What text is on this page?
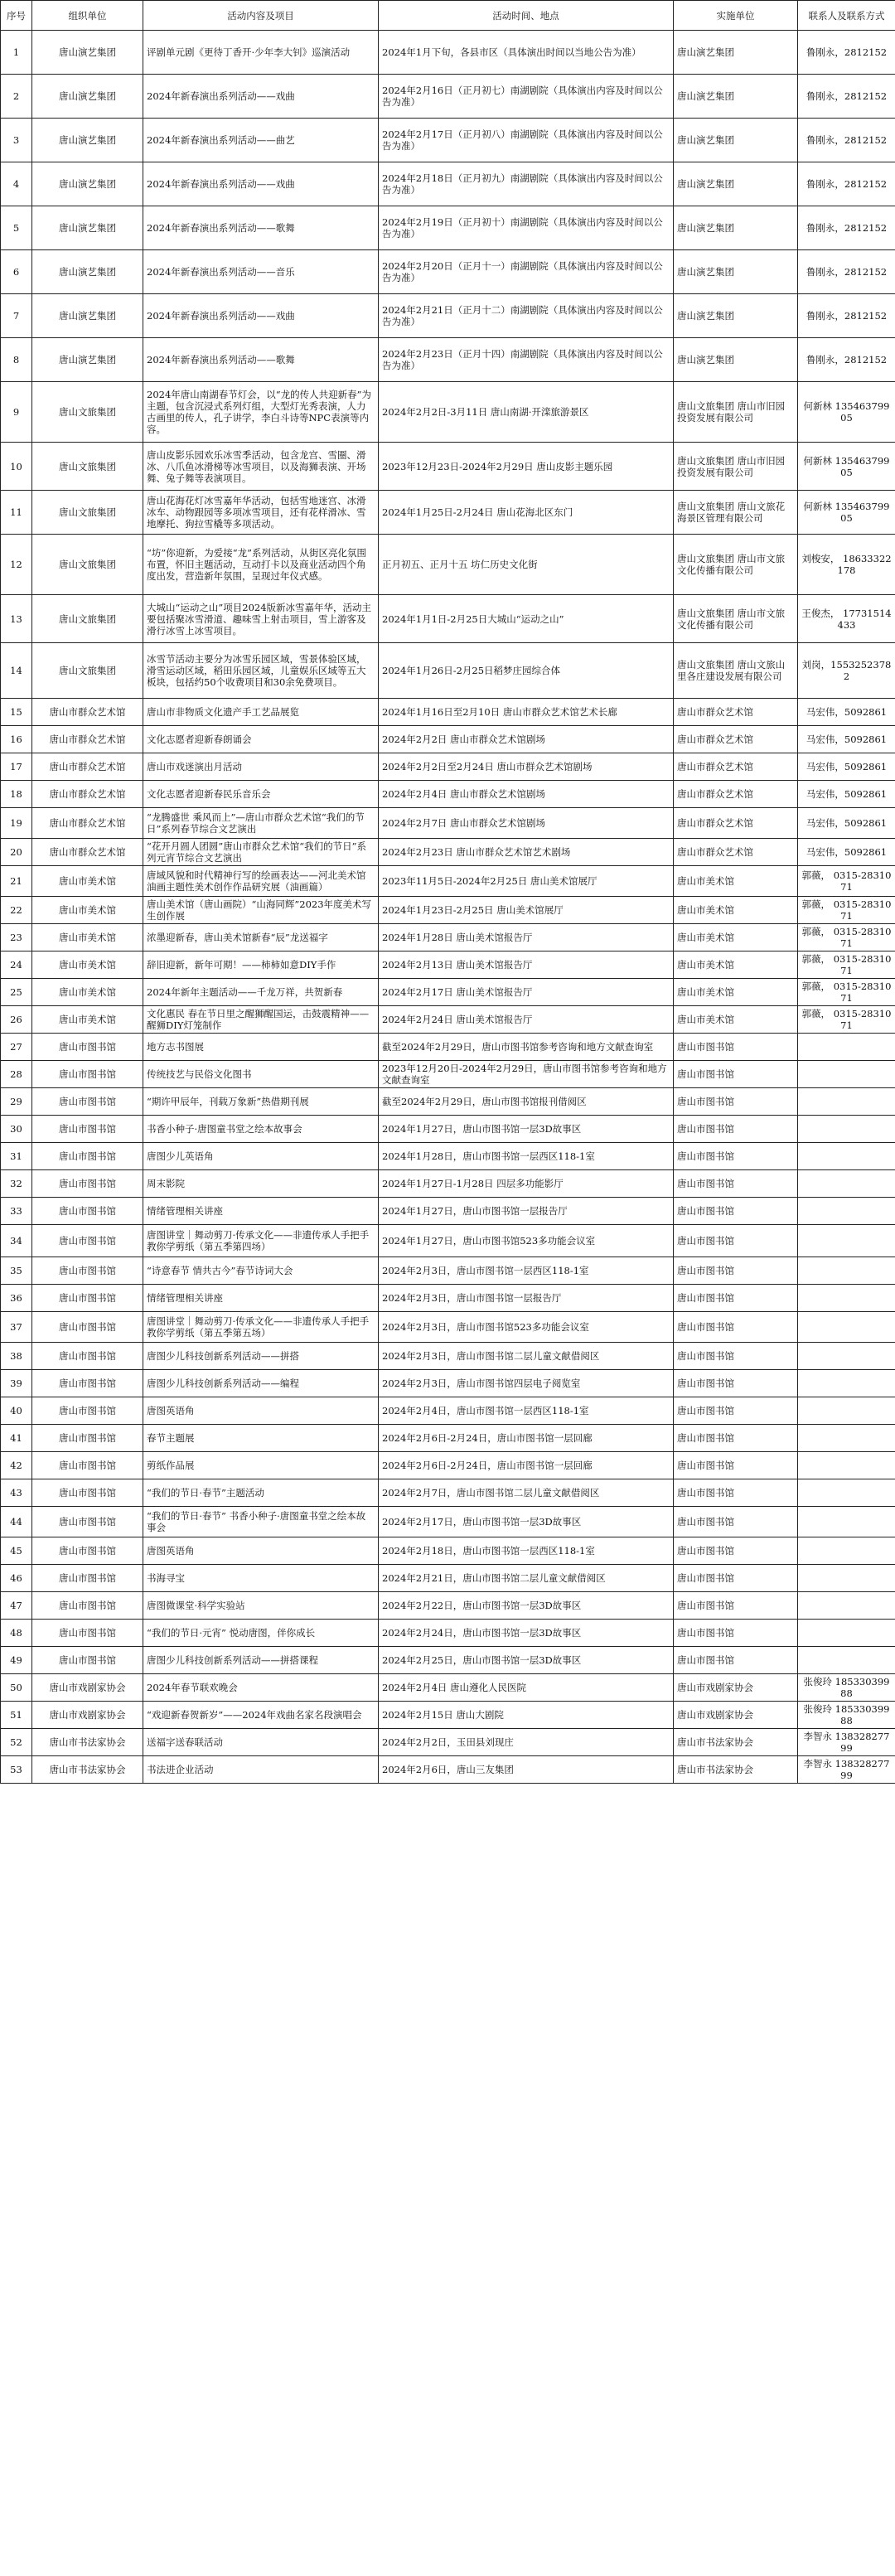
序号	组织单位	活动内容及项目	活动时间、地点	实施单位	联系人及联系方式
1	唐山演艺集团	评剧单元剧《更待丁香开·少年李大钊》巡演活动	2024年1月下旬，各县市区（具体演出时间以当地公告为准）	唐山演艺集团	鲁刚永，2812152
2	唐山演艺集团	2024年新春演出系列活动——戏曲	2024年2月16日（正月初七）南湖剧院（具体演出内容及时间以公告为准）	唐山演艺集团	鲁刚永，2812152
3	唐山演艺集团	2024年新春演出系列活动——曲艺	2024年2月17日（正月初八）南湖剧院（具体演出内容及时间以公告为准）	唐山演艺集团	鲁刚永，2812152
4	唐山演艺集团	2024年新春演出系列活动——戏曲	2024年2月18日（正月初九）南湖剧院（具体演出内容及时间以公告为准）	唐山演艺集团	鲁刚永，2812152
5	唐山演艺集团	2024年新春演出系列活动——歌舞	2024年2月19日（正月初十）南湖剧院（具体演出内容及时间以公告为准）	唐山演艺集团	鲁刚永，2812152
6	唐山演艺集团	2024年新春演出系列活动——音乐	2024年2月20日（正月十一）南湖剧院（具体演出内容及时间以公告为准）	唐山演艺集团	鲁刚永，2812152
7	唐山演艺集团	2024年新春演出系列活动——戏曲	2024年2月21日（正月十二）南湖剧院（具体演出内容及时间以公告为准）	唐山演艺集团	鲁刚永，2812152
8	唐山演艺集团	2024年新春演出系列活动——歌舞	2024年2月23日（正月十四）南湖剧院（具体演出内容及时间以公告为准）	唐山演艺集团	鲁刚永，2812152
9	唐山文旅集团	2024年唐山南湖春节灯会，以“龙的传人共迎新春”为主题，包含沉浸式系列灯组，大型灯光秀表演，人力古画里的传人，孔子讲学，李白斗诗等NPC表演等内容。	2024年2月2日-3月11日 唐山南湖·开滦旅游景区	唐山文旅集团 唐山市旧园投资发展有限公司	何新林 13546379905
10	唐山文旅集团	唐山皮影乐园欢乐冰雪季活动，包含龙宫、雪圈、滑冰、八爪鱼冰滑梯等冰雪项目，以及海狮表演、开场舞、兔子舞等表演项目。	2023年12月23日-2024年2月29日 唐山皮影主题乐园	唐山文旅集团 唐山市旧园投资发展有限公司	何新林 13546379905
11	唐山文旅集团	唐山花海花灯冰雪嘉年华活动，包括雪地迷宫、冰滑冰车、动物跟园等多项冰雪项目，还有花样滑冰、雪地摩托、狗拉雪橇等多项活动。	2024年1月25日-2月24日 唐山花海北区东门	唐山文旅集团 唐山文旅花海景区管理有限公司	何新林 13546379905
12	唐山文旅集团	“坊”你迎新，为爱接“龙”系列活动，从街区亮化氛围布置，怀旧主题活动，互动打卡以及商业活动四个角度出发，营造新年氛围，呈现过年仪式感。	正月初五、正月十五 坊仁历史文化街	唐山文旅集团 唐山市文旅文化传播有限公司	刘梭安， 18633322178
13	唐山文旅集团	大城山“运动之山”项目2024版新冰雪嘉年华，活动主要包括聚冰雪滑道、趣味雪上射击项目，雪上游客及滑行冰雪上冰雪项目。	2024年1月1日-2月25日大城山“运动之山”	唐山文旅集团 唐山市文旅文化传播有限公司	王俊杰， 17731514433
14	唐山文旅集团	冰雪节活动主要分为冰雪乐园区域，雪景体验区域，滑雪运动区域，稻田乐园区域，儿童娱乐区域等五大板块，包括约50个收费项目和30余免费项目。	2024年1月26日-2月25日稻梦庄园综合体	唐山文旅集团 唐山文旅山里各庄建设发展有限公司	刘岗，15532523782
15	唐山市群众艺术馆	唐山市非物质文化遗产手工艺品展览	2024年1月16日至2月10日 唐山市群众艺术馆艺术长廊	唐山市群众艺术馆	马宏伟，5092861
16	唐山市群众艺术馆	文化志愿者迎新春朗诵会	2024年2月2日 唐山市群众艺术馆剧场	唐山市群众艺术馆	马宏伟，5092861
17	唐山市群众艺术馆	唐山市戏迷演出月活动	2024年2月2日至2月24日 唐山市群众艺术馆剧场	唐山市群众艺术馆	马宏伟，5092861
18	唐山市群众艺术馆	文化志愿者迎新春民乐音乐会	2024年2月4日 唐山市群众艺术馆剧场	唐山市群众艺术馆	马宏伟，5092861
19	唐山市群众艺术馆	“龙腾盛世 乘风而上”—唐山市群众艺术馆“我们的节日”系列春节综合文艺演出	2024年2月7日 唐山市群众艺术馆剧场	唐山市群众艺术馆	马宏伟，5092861
20	唐山市群众艺术馆	“花开月圆人团圆”唐山市群众艺术馆“我们的节日”系列元宵节综合文艺演出	2024年2月23日 唐山市群众艺术馆艺术剧场	唐山市群众艺术馆	马宏伟，5092861
21	唐山市美术馆	唐域风貌和时代精神行写的绘画表达——河北美术馆油画主题性美术创作作品研究展（油画篇）	2023年11月5日-2024年2月25日 唐山美术馆展厅	唐山市美术馆	郭薇， 0315-2831071
22	唐山市美术馆	唐山美术馆（唐山画院）“山海同辉”2023年度美术写生创作展	2024年1月23日-2月25日 唐山美术馆展厅	唐山市美术馆	郭薇， 0315-2831071
23	唐山市美术馆	浓墨迎新春，唐山美术馆新春“辰”龙送福字	2024年1月28日 唐山美术馆报告厅	唐山市美术馆	郭薇， 0315-2831071
24	唐山市美术馆	辞旧迎新，新年可期！——柿柿如意DIY手作	2024年2月13日 唐山美术馆报告厅	唐山市美术馆	郭薇， 0315-2831071
25	唐山市美术馆	2024年新年主题活动——千龙万祥，共贺新春	2024年2月17日 唐山美术馆报告厅	唐山市美术馆	郭薇， 0315-2831071
26	唐山市美术馆	文化惠民 春在节日里之醒狮醒国运，击鼓震精神——醒狮DIY灯笼制作	2024年2月24日 唐山美术馆报告厅	唐山市美术馆	郭薇， 0315-2831071
27	唐山市图书馆	地方志书图展	截至2024年2月29日，唐山市图书馆参考咨询和地方文献查询室	唐山市图书馆	
28	唐山市图书馆	传统技艺与民俗文化图书	2023年12月20日-2024年2月29日，唐山市图书馆参考咨询和地方文献查询室	唐山市图书馆	
29	唐山市图书馆	“期许甲辰年，刊载万象新”热借期刊展	截至2024年2月29日，唐山市图书馆报刊借阅区	唐山市图书馆	
30	唐山市图书馆	书香小种子·唐图童书堂之绘本故事会	2024年1月27日，唐山市图书馆一层3D故事区	唐山市图书馆	
31	唐山市图书馆	唐图少儿英语角	2024年1月28日，唐山市图书馆一层西区118-1室	唐山市图书馆	
32	唐山市图书馆	周末影院	2024年1月27日-1月28日 四层多功能影厅	唐山市图书馆	
33	唐山市图书馆	情绪管理相关讲座	2024年1月27日，唐山市图书馆一层报告厅	唐山市图书馆	
34	唐山市图书馆	唐图讲堂｜舞动剪刀·传承文化——非遗传承人手把手教你学剪纸（第五季第四场）	2024年1月27日，唐山市图书馆523多功能会议室	唐山市图书馆	
35	唐山市图书馆	“诗意春节 情共古今”春节诗词大会	2024年2月3日，唐山市图书馆一层西区118-1室	唐山市图书馆	
36	唐山市图书馆	情绪管理相关讲座	2024年2月3日，唐山市图书馆一层报告厅	唐山市图书馆	
37	唐山市图书馆	唐图讲堂｜舞动剪刀·传承文化——非遗传承人手把手教你学剪纸（第五季第五场）	2024年2月3日，唐山市图书馆523多功能会议室	唐山市图书馆	
38	唐山市图书馆	唐图少儿科技创新系列活动——拼搭	2024年2月3日，唐山市图书馆二层儿童文献借阅区	唐山市图书馆	
39	唐山市图书馆	唐图少儿科技创新系列活动——编程	2024年2月3日，唐山市图书馆四层电子阅览室	唐山市图书馆	
40	唐山市图书馆	唐图英语角	2024年2月4日，唐山市图书馆一层西区118-1室	唐山市图书馆	
41	唐山市图书馆	春节主题展	2024年2月6日-2月24日，唐山市图书馆一层回廊	唐山市图书馆	
42	唐山市图书馆	剪纸作品展	2024年2月6日-2月24日，唐山市图书馆一层回廊	唐山市图书馆	
43	唐山市图书馆	“我们的节日·春节”主题活动	2024年2月7日，唐山市图书馆二层儿童文献借阅区	唐山市图书馆	
44	唐山市图书馆	“我们的节日·春节” 书香小种子·唐图童书堂之绘本故事会	2024年2月17日，唐山市图书馆一层3D故事区	唐山市图书馆	
45	唐山市图书馆	唐图英语角	2024年2月18日，唐山市图书馆一层西区118-1室	唐山市图书馆	
46	唐山市图书馆	书海寻宝	2024年2月21日，唐山市图书馆二层儿童文献借阅区	唐山市图书馆	
47	唐山市图书馆	唐图微课堂·科学实验站	2024年2月22日，唐山市图书馆一层3D故事区	唐山市图书馆	
48	唐山市图书馆	“我们的节日·元宵” 悦动唐图，伴你成长	2024年2月24日，唐山市图书馆一层3D故事区	唐山市图书馆	
49	唐山市图书馆	唐图少儿科技创新系列活动——拼搭课程	2024年2月25日，唐山市图书馆一层3D故事区	唐山市图书馆	
50	唐山市戏剧家协会	2024年春节联欢晚会	2024年2月4日 唐山遵化人民医院	唐山市戏剧家协会	张俊玲 18533039988
51	唐山市戏剧家协会	“戏迎新春贺新岁”——2024年戏曲名家名段演唱会	2024年2月15日 唐山大剧院	唐山市戏剧家协会	张俊玲 18533039988
52	唐山市书法家协会	送福字送春联活动	2024年2月2日，玉田县刘现庄	唐山市书法家协会	李智永 13832827799
53	唐山市书法家协会	书法进企业活动	2024年2月6日，唐山三友集团	唐山市书法家协会	李智永 13832827799
